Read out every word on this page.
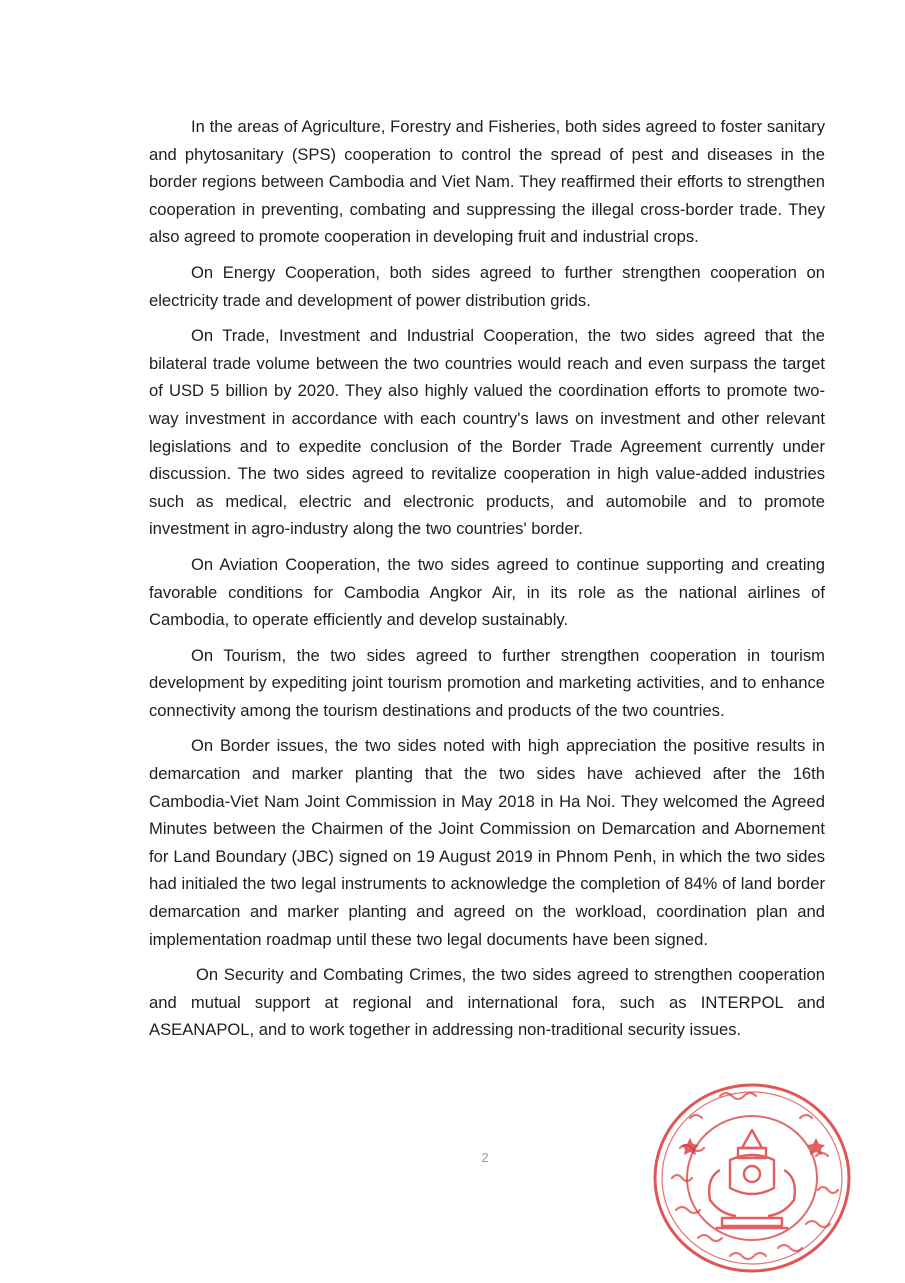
In the areas of Agriculture, Forestry and Fisheries, both sides agreed to foster sanitary and phytosanitary (SPS) cooperation to control the spread of pest and diseases in the border regions between Cambodia and Viet Nam. They reaffirmed their efforts to strengthen cooperation in preventing, combating and suppressing the illegal cross-border trade. They also agreed to promote cooperation in developing fruit and industrial crops.

On Energy Cooperation, both sides agreed to further strengthen cooperation on electricity trade and development of power distribution grids.

On Trade, Investment and Industrial Cooperation, the two sides agreed that the bilateral trade volume between the two countries would reach and even surpass the target of USD 5 billion by 2020. They also highly valued the coordination efforts to promote two-way investment in accordance with each country's laws on investment and other relevant legislations and to expedite conclusion of the Border Trade Agreement currently under discussion. The two sides agreed to revitalize cooperation in high value-added industries such as medical, electric and electronic products, and automobile and to promote investment in agro-industry along the two countries' border.

On Aviation Cooperation, the two sides agreed to continue supporting and creating favorable conditions for Cambodia Angkor Air, in its role as the national airlines of Cambodia, to operate efficiently and develop sustainably.

On Tourism, the two sides agreed to further strengthen cooperation in tourism development by expediting joint tourism promotion and marketing activities, and to enhance connectivity among the tourism destinations and products of the two countries.

On Border issues, the two sides noted with high appreciation the positive results in demarcation and marker planting that the two sides have achieved after the 16th Cambodia-Viet Nam Joint Commission in May 2018 in Ha Noi. They welcomed the Agreed Minutes between the Chairmen of the Joint Commission on Demarcation and Abornement for Land Boundary (JBC) signed on 19 August 2019 in Phnom Penh, in which the two sides had initialed the two legal instruments to acknowledge the completion of 84% of land border demarcation and marker planting and agreed on the workload, coordination plan and implementation roadmap until these two legal documents have been signed.

On Security and Combating Crimes, the two sides agreed to strengthen cooperation and mutual support at regional and international fora, such as INTERPOL and ASEANAPOL, and to work together in addressing non-traditional security issues.

2
